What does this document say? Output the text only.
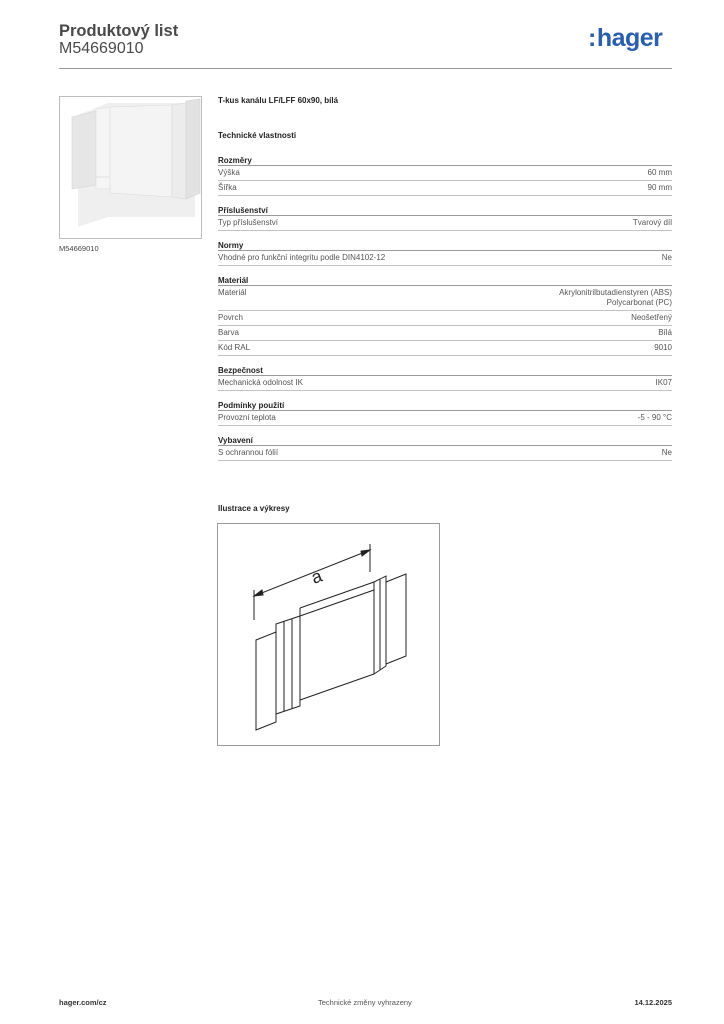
Produktový list
M54669010	:hager
M54669010
T-kus kanálu LF/LFF 60x90, bílá
Technické vlastnosti
Rozměry
Výška	60 mm
Šířka	90 mm
Příslušenství
Typ příslušenství	Tvarový díl
Normy
Vhodné pro funkční integritu podle DIN4102-12	Ne
Materiál
Materiál	Akrylonitrilbutadienstyren (ABS)
Polycarbonat (PC)
Povrch	Neošetřený
Barva	Bílá
Kód RAL	9010
Bezpečnost
Mechanická odolnost IK	IK07
Podmínky použití
Provozní teplota	-5 - 90 °C
Vybavení
S ochrannou fólií	Ne
Ilustrace a výkresy
a
hager.com/cz	Technické změny vyhrazeny	14.12.2025
